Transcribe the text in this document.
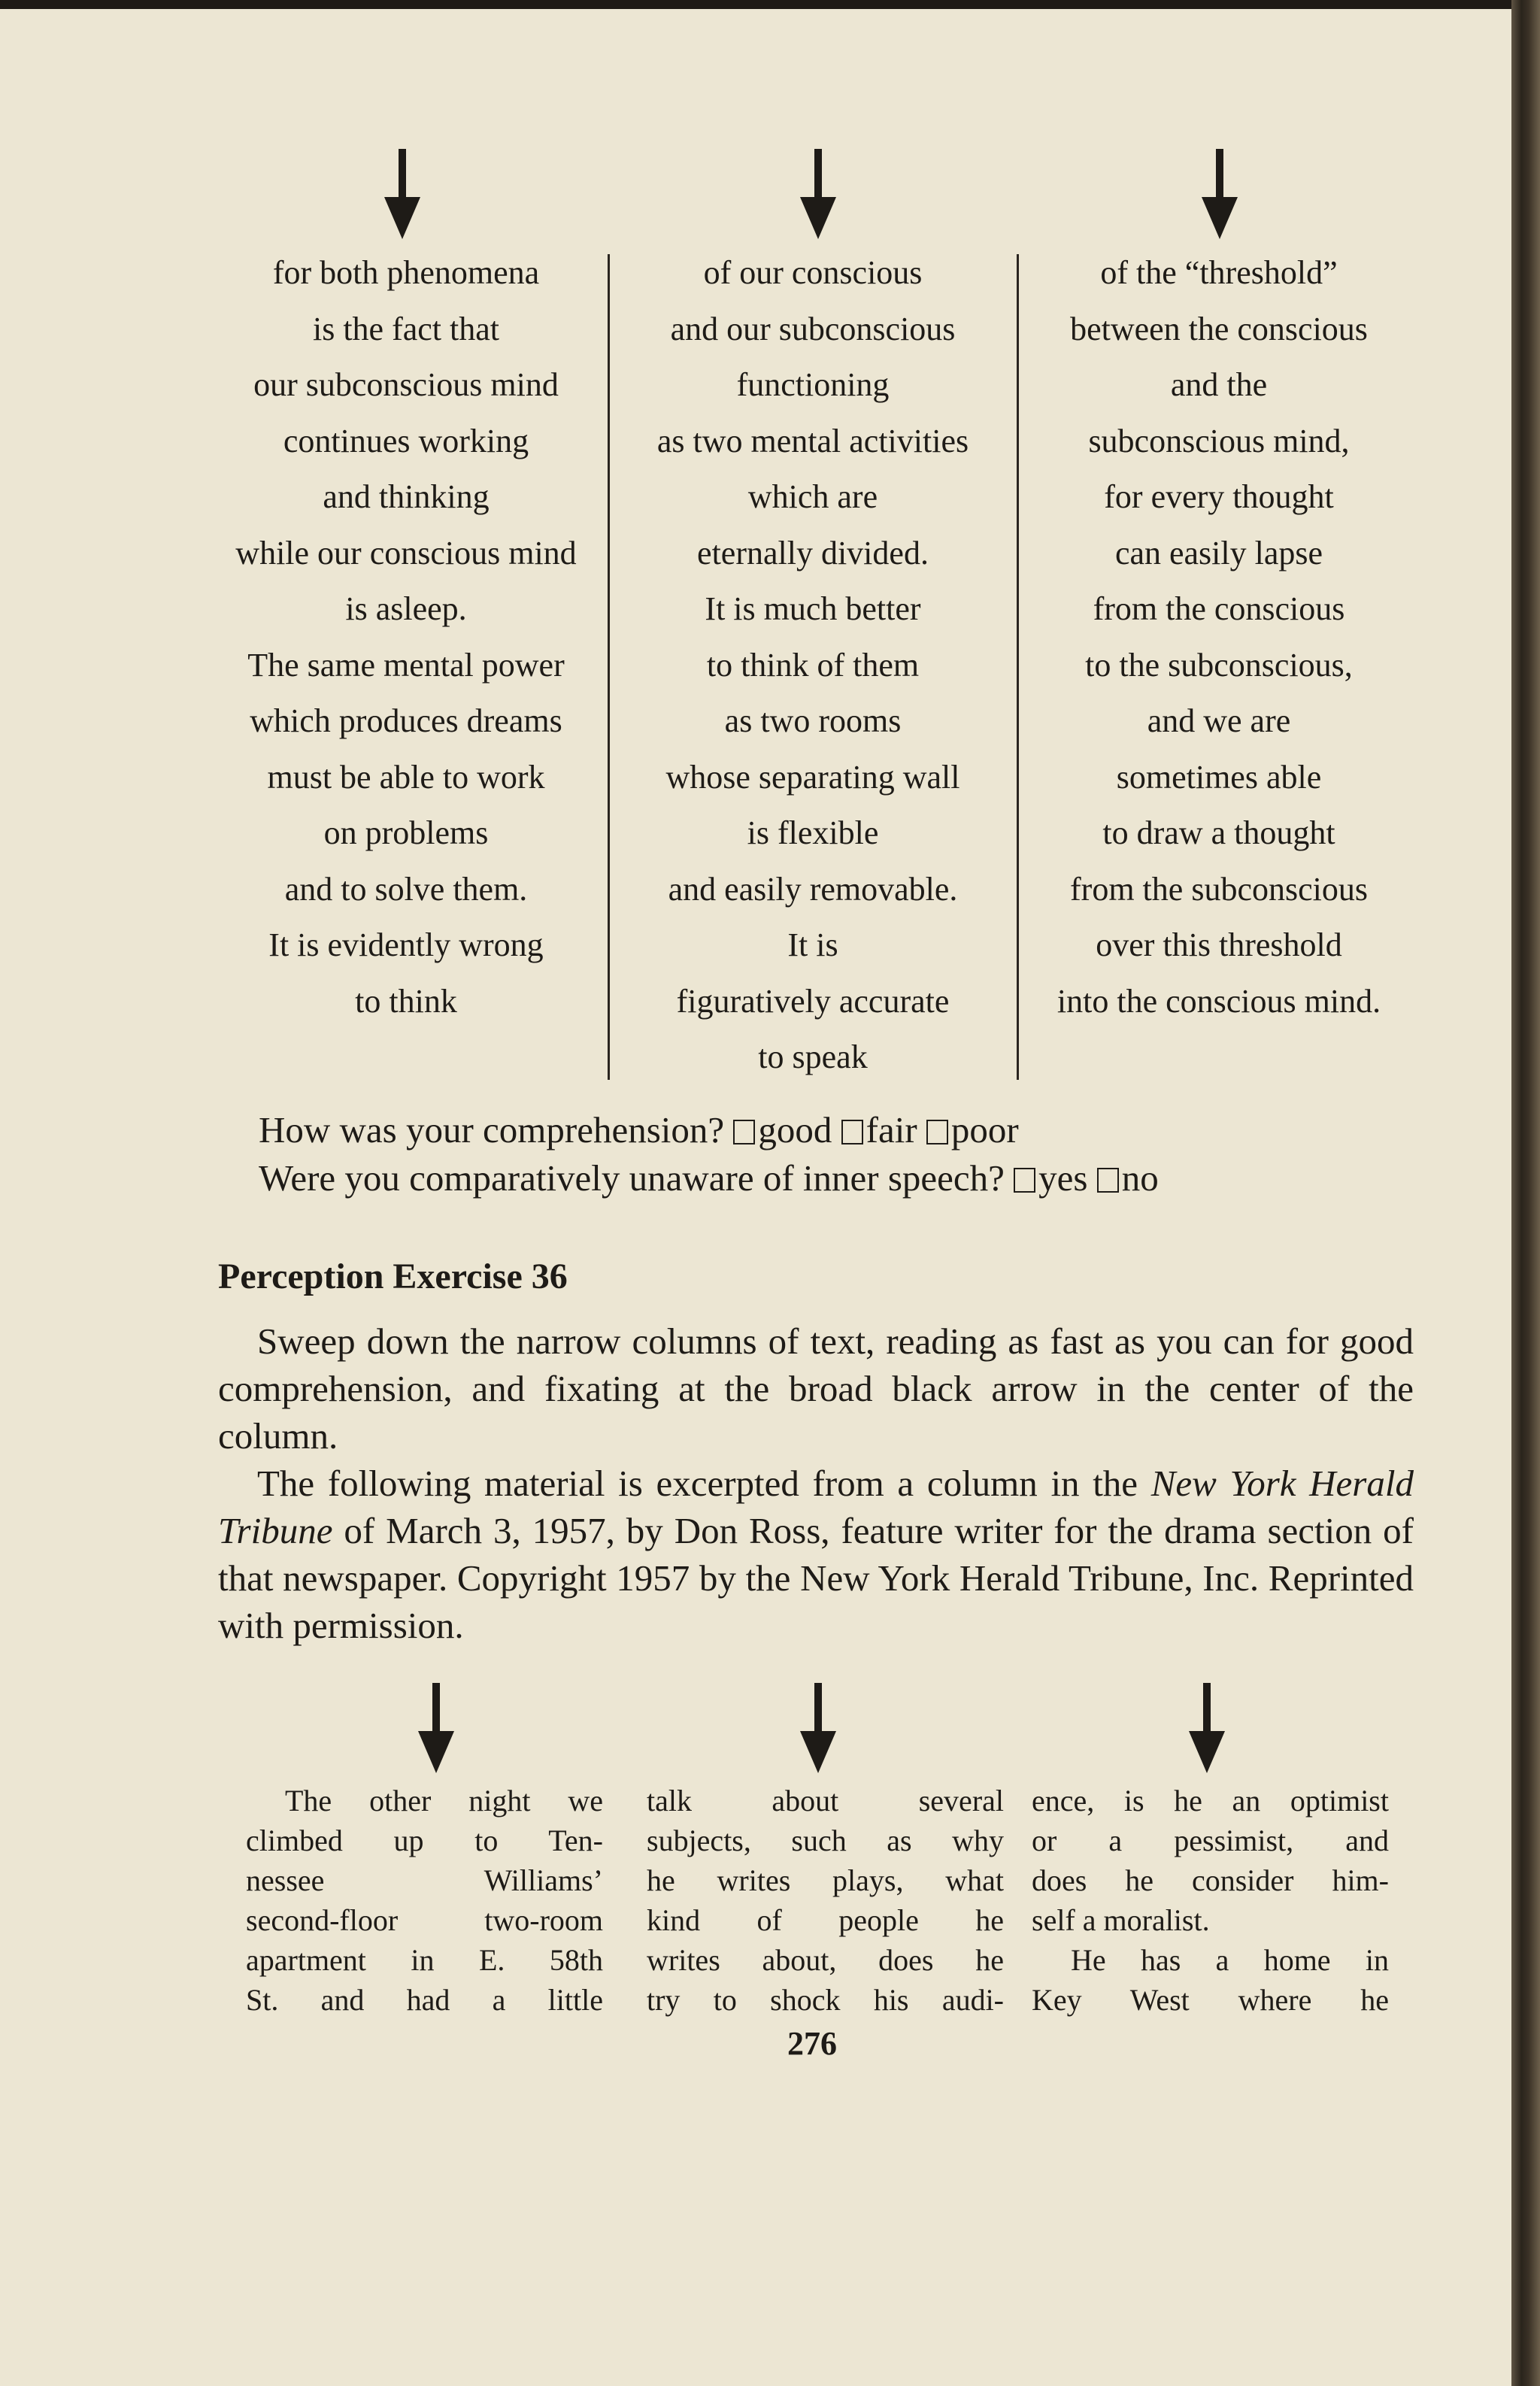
for both phenomena
is the fact that
our subconscious mind
continues working
and thinking
while our conscious mind
is asleep.
The same mental power
which produces dreams
must be able to work
on problems
and to solve them.
It is evidently wrong
to think
of our conscious
and our subconscious
functioning
as two mental activities
which are
eternally divided.
It is much better
to think of them
as two rooms
whose separating wall
is flexible
and easily removable.
It is
figuratively accurate
to speak
of the “threshold”
between the conscious
and the
subconscious mind,
for every thought
can easily lapse
from the conscious
to the subconscious,
and we are
sometimes able
to draw a thought
from the subconscious
over this threshold
into the conscious mind.
How was your comprehension? good fair poor
Were you comparatively unaware of inner speech? yes no
Perception Exercise 36
Sweep down the narrow columns of text, reading as fast as you can for good comprehension, and fixating at the broad black arrow in the center of the column.
The following material is excerpted from a column in the New York Herald Tribune of March 3, 1957, by Don Ross, feature writer for the drama section of that newspaper. Copyright 1957 by the New York Herald Tribune, Inc. Reprinted with permission.
The other night we
climbed up to Ten-
nessee Williams’
second-floor two-room
apartment in E. 58th
St. and had a little
talk about several
subjects, such as why
he writes plays, what
kind of people he
writes about, does he
try to shock his audi-
ence, is he an optimist
or a pessimist, and
does he consider him-
self a moralist.
He has a home in
Key West where he
276
